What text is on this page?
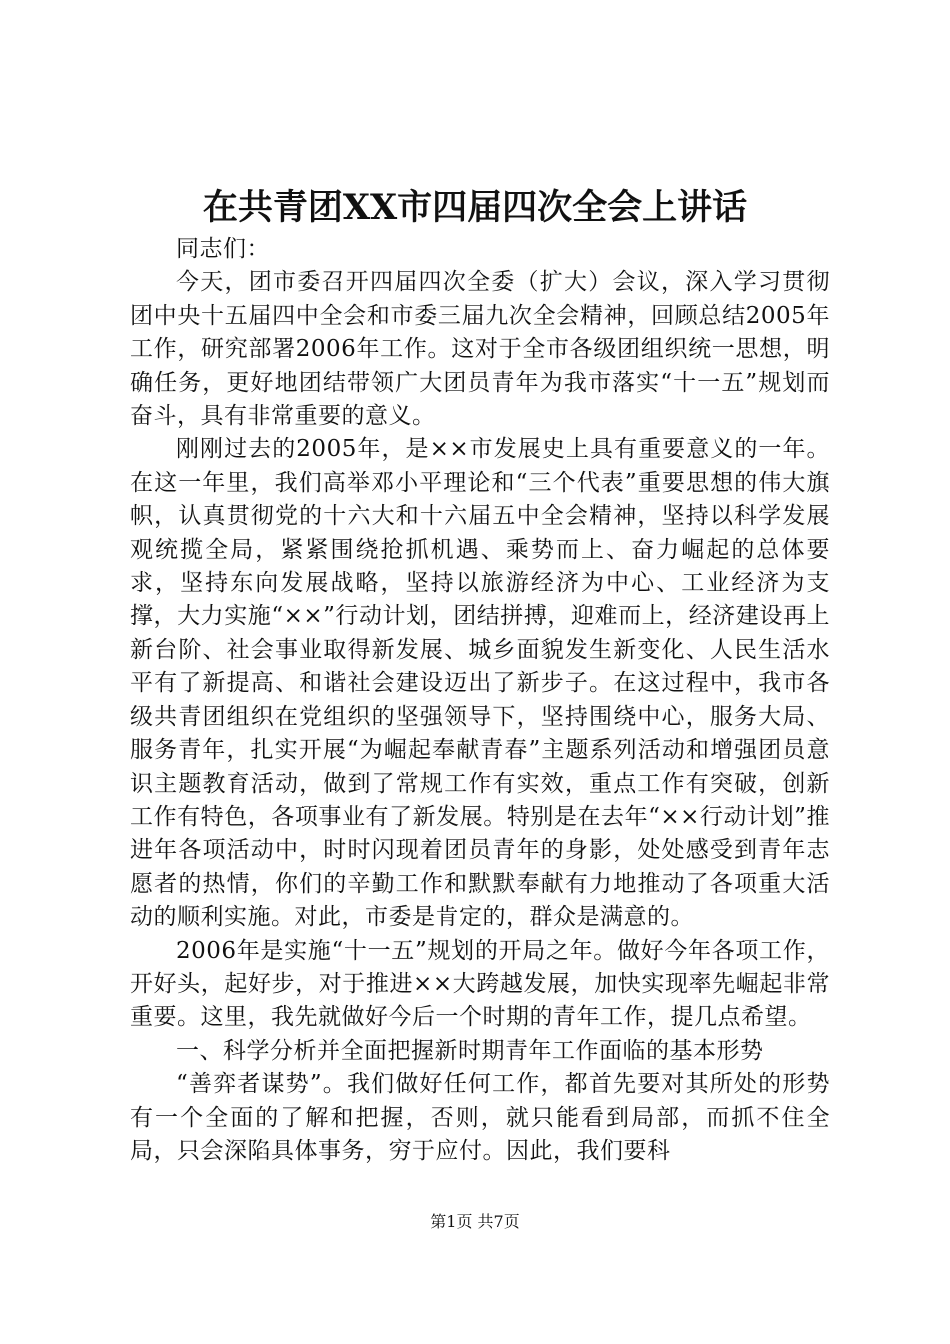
在共青团XX市四届四次全会上讲话

同志们：

今天，团市委召开四届四次全委（扩大）会议，深入学习贯彻团中央十五届四中全会和市委三届九次全会精神，回顾总结2005年工作，研究部署2006年工作。这对于全市各级团组织统一思想，明确任务，更好地团结带领广大团员青年为我市落实“十一五”规划而奋斗，具有非常重要的意义。

刚刚过去的2005年，是××市发展史上具有重要意义的一年。在这一年里，我们高举邓小平理论和“三个代表”重要思想的伟大旗帜，认真贯彻党的十六大和十六届五中全会精神，坚持以科学发展观统揽全局，紧紧围绕抢抓机遇、乘势而上、奋力崛起的总体要求，坚持东向发展战略，坚持以旅游经济为中心、工业经济为支撑，大力实施“××”行动计划，团结拼搏，迎难而上，经济建设再上新台阶、社会事业取得新发展、城乡面貌发生新变化、人民生活水平有了新提高、和谐社会建设迈出了新步子。在这过程中，我市各级共青团组织在党组织的坚强领导下，坚持围绕中心，服务大局、服务青年，扎实开展“为崛起奉献青春”主题系列活动和增强团员意识主题教育活动，做到了常规工作有实效，重点工作有突破，创新工作有特色，各项事业有了新发展。特别是在去年“××行动计划”推进年各项活动中，时时闪现着团员青年的身影，处处感受到青年志愿者的热情，你们的辛勤工作和默默奉献有力地推动了各项重大活动的顺利实施。对此，市委是肯定的，群众是满意的。

2006年是实施“十一五”规划的开局之年。做好今年各项工作，开好头，起好步，对于推进××大跨越发展，加快实现率先崛起非常重要。这里，我先就做好今后一个时期的青年工作，提几点希望。

一、科学分析并全面把握新时期青年工作面临的基本形势

“善弈者谋势”。我们做好任何工作，都首先要对其所处的形势有一个全面的了解和把握，否则，就只能看到局部，而抓不住全局，只会深陷具体事务，穷于应付。因此，我们要科

第1页 共7页
